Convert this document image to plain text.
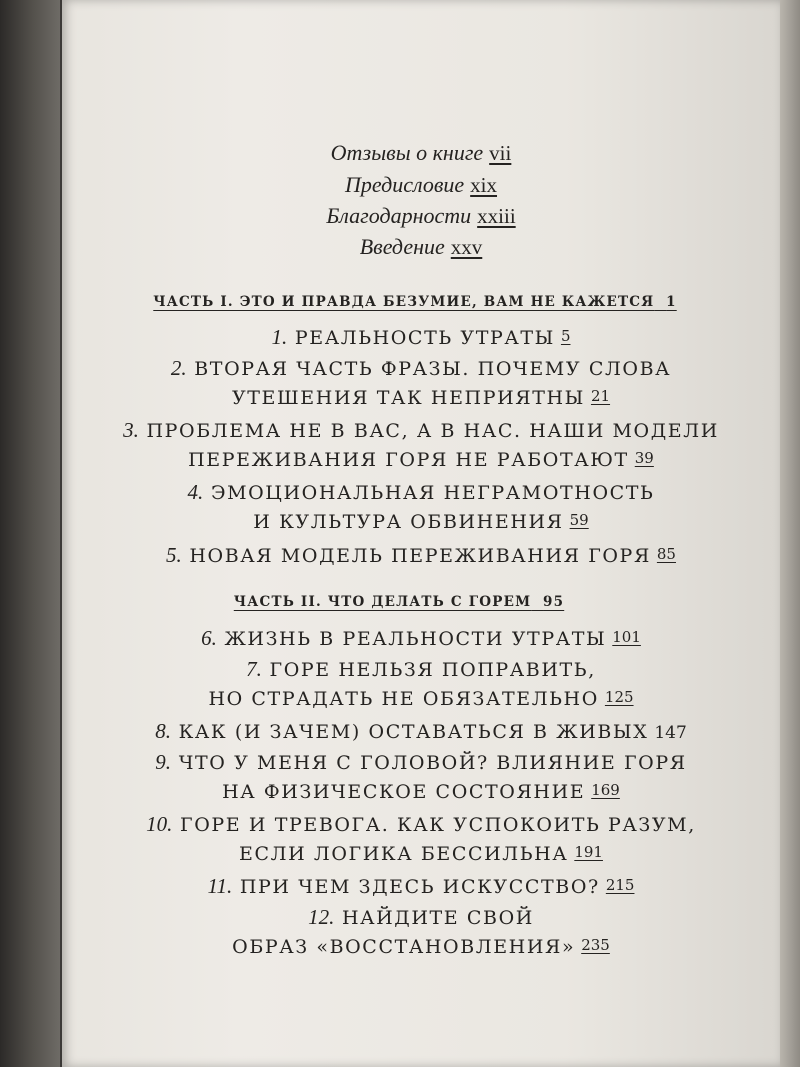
Отзывы о книге vii
Предисловие xix
Благодарности xxiii
Введение xxv
ЧАСТЬ I. ЭТО И ПРАВДА БЕЗУМИЕ, ВАМ НЕ КАЖЕТСЯ 1
1. РЕАЛЬНОСТЬ УТРАТЫ 5
2. ВТОРАЯ ЧАСТЬ ФРАЗЫ. ПОЧЕМУ СЛОВА
УТЕШЕНИЯ ТАК НЕПРИЯТНЫ 21
3. ПРОБЛЕМА НЕ В ВАС, А В НАС. НАШИ МОДЕЛИ
ПЕРЕЖИВАНИЯ ГОРЯ НЕ РАБОТАЮТ 39
4. ЭМОЦИОНАЛЬНАЯ НЕГРАМОТНОСТЬ
И КУЛЬТУРА ОБВИНЕНИЯ 59
5. НОВАЯ МОДЕЛЬ ПЕРЕЖИВАНИЯ ГОРЯ 85
ЧАСТЬ II. ЧТО ДЕЛАТЬ С ГОРЕМ 95
6. ЖИЗНЬ В РЕАЛЬНОСТИ УТРАТЫ 101
7. ГОРЕ НЕЛЬЗЯ ПОПРАВИТЬ,
НО СТРАДАТЬ НЕ ОБЯЗАТЕЛЬНО 125
8. КАК (И ЗАЧЕМ) ОСТАВАТЬСЯ В ЖИВЫХ 147
9. ЧТО У МЕНЯ С ГОЛОВОЙ? ВЛИЯНИЕ ГОРЯ
НА ФИЗИЧЕСКОЕ СОСТОЯНИЕ 169
10. ГОРЕ И ТРЕВОГА. КАК УСПОКОИТЬ РАЗУМ,
ЕСЛИ ЛОГИКА БЕССИЛЬНА 191
11. ПРИ ЧЕМ ЗДЕСЬ ИСКУССТВО? 215
12. НАЙДИТЕ СВОЙ
ОБРАЗ «ВОССТАНОВЛЕНИЯ» 235
